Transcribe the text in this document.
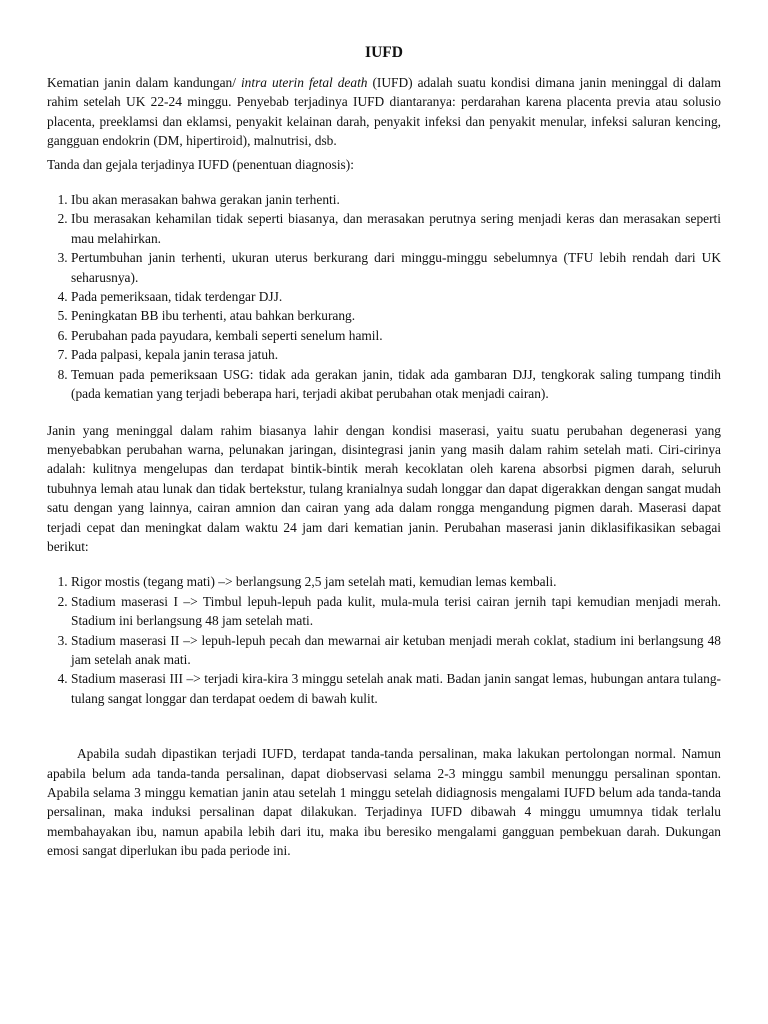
IUFD

Kematian janin dalam kandungan/ intra uterin fetal death (IUFD) adalah suatu kondisi dimana janin meninggal di dalam rahim setelah UK 22-24 minggu. Penyebab terjadinya IUFD diantaranya: perdarahan karena placenta previa atau solusio placenta, preeklamsi dan eklamsi, penyakit kelainan darah, penyakit infeksi dan penyakit menular, infeksi saluran kencing, gangguan endokrin (DM, hipertiroid), malnutrisi, dsb.

Tanda dan gejala terjadinya IUFD (penentuan diagnosis):

1. Ibu akan merasakan bahwa gerakan janin terhenti.
2. Ibu merasakan kehamilan tidak seperti biasanya, dan merasakan perutnya sering menjadi keras dan merasakan seperti mau melahirkan.
3. Pertumbuhan janin terhenti, ukuran uterus berkurang dari minggu-minggu sebelumnya (TFU lebih rendah dari UK seharusnya).
4. Pada pemeriksaan, tidak terdengar DJJ.
5. Peningkatan BB ibu terhenti, atau bahkan berkurang.
6. Perubahan pada payudara, kembali seperti senelum hamil.
7. Pada palpasi, kepala janin terasa jatuh.
8. Temuan pada pemeriksaan USG: tidak ada gerakan janin, tidak ada gambaran DJJ, tengkorak saling tumpang tindih (pada kematian yang terjadi beberapa hari, terjadi akibat perubahan otak menjadi cairan).

Janin yang meninggal dalam rahim biasanya lahir dengan kondisi maserasi, yaitu suatu perubahan degenerasi yang menyebabkan perubahan warna, pelunakan jaringan, disintegrasi janin yang masih dalam rahim setelah mati. Ciri-cirinya adalah: kulitnya mengelupas dan terdapat bintik-bintik merah kecoklatan oleh karena absorbsi pigmen darah, seluruh tubuhnya lemah atau lunak dan tidak bertekstur, tulang kranialnya sudah longgar dan dapat digerakkan dengan sangat mudah satu dengan yang lainnya, cairan amnion dan cairan yang ada dalam rongga mengandung pigmen darah. Maserasi dapat terjadi cepat dan meningkat dalam waktu 24 jam dari kematian janin. Perubahan maserasi janin diklasifikasikan sebagai berikut:

1. Rigor mostis (tegang mati) –> berlangsung 2,5 jam setelah mati, kemudian lemas kembali.
2. Stadium maserasi I –> Timbul lepuh-lepuh pada kulit, mula-mula terisi cairan jernih tapi kemudian menjadi merah. Stadium ini berlangsung 48 jam setelah mati.
3. Stadium maserasi II –> lepuh-lepuh pecah dan mewarnai air ketuban menjadi merah coklat, stadium ini berlangsung 48 jam setelah anak mati.
4. Stadium maserasi III –> terjadi kira-kira 3 minggu setelah anak mati. Badan janin sangat lemas, hubungan antara tulang-tulang sangat longgar dan terdapat oedem di bawah kulit.

Apabila sudah dipastikan terjadi IUFD, terdapat tanda-tanda persalinan, maka lakukan pertolongan normal. Namun apabila belum ada tanda-tanda persalinan, dapat diobservasi selama 2-3 minggu sambil menunggu persalinan spontan. Apabila selama 3 minggu kematian janin atau setelah 1 minggu setelah didiagnosis mengalami IUFD belum ada tanda-tanda persalinan, maka induksi persalinan dapat dilakukan. Terjadinya IUFD dibawah 4 minggu umumnya tidak terlalu membahayakan ibu, namun apabila lebih dari itu, maka ibu beresiko mengalami gangguan pembekuan darah. Dukungan emosi sangat diperlukan ibu pada periode ini.
